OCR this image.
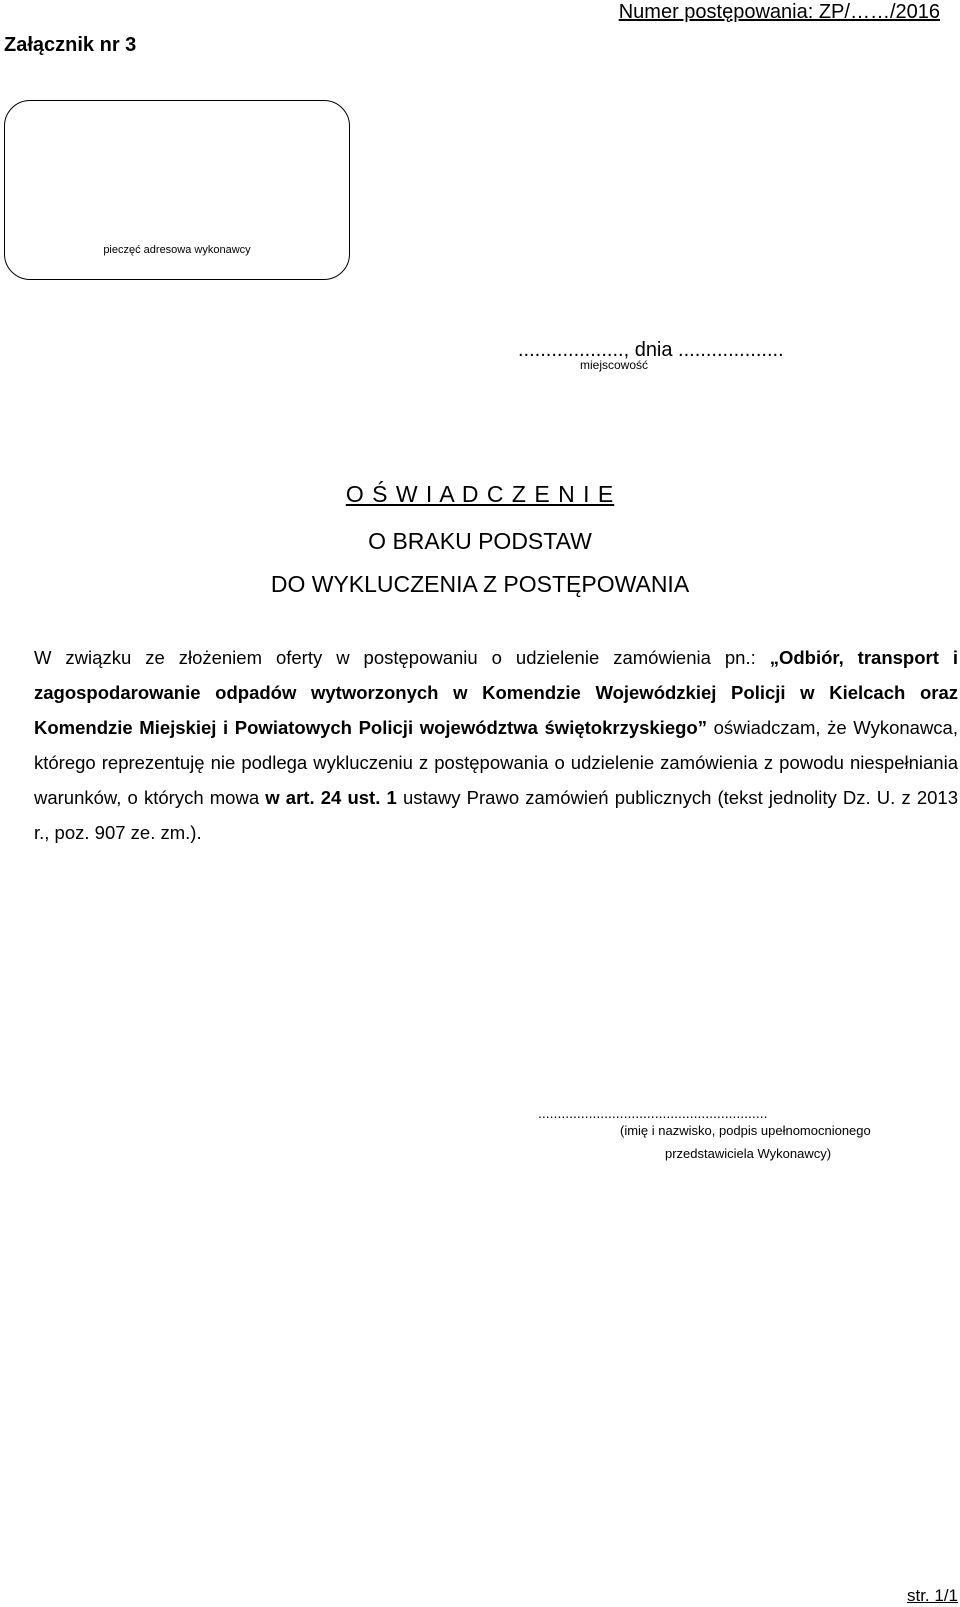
Numer postępowania: ZP/……/2016
Załącznik nr 3
pieczęć adresowa wykonawcy
..................., dnia ...................
miejscowość
O Ś W I A D C Z E N I E
O BRAKU PODSTAW
DO WYKLUCZENIA Z POSTĘPOWANIA
W związku ze złożeniem oferty w postępowaniu o udzielenie zamówienia pn.: „Odbiór, transport i zagospodarowanie odpadów wytworzonych w Komendzie Wojewódzkiej Policji w Kielcach oraz Komendzie Miejskiej i Powiatowych Policji województwa świętokrzyskiego” oświadczam, że Wykonawca, którego reprezentuję nie podlega wykluczeniu z postępowania o udzielenie zamówienia z powodu niespełniania warunków, o których mowa w art. 24 ust. 1 ustawy Prawo zamówień publicznych (tekst jednolity Dz. U. z 2013 r., poz. 907 ze. zm.).
...........................................................
(imię i nazwisko, podpis upełnomocnionego
przedstawiciela Wykonawcy)
str. 1/1
